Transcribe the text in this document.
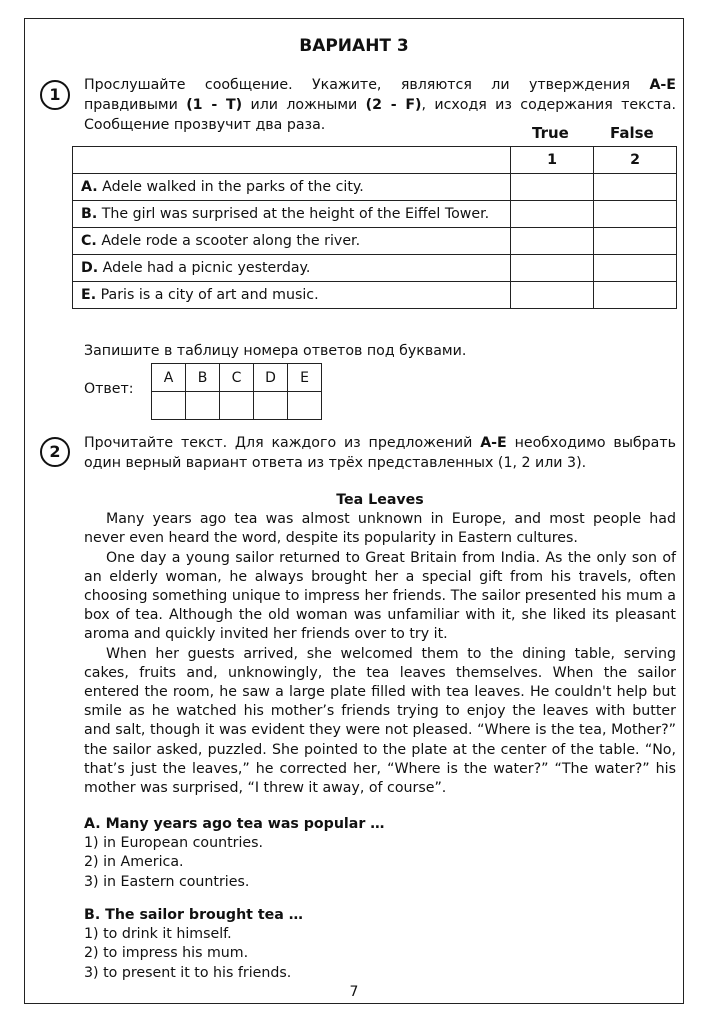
ВАРИАНТ 3
1	Прослушайте сообщение. Укажите, являются ли утверждения A-E правдивыми (1 - T) или ложными (2 - F), исходя из содержания текста. Сообщение прозвучит два раза.	True	False
	1	2
A. Adele walked in the parks of the city.		
B. The girl was surprised at the height of the Eiffel Tower.		
C. Adele rode a scooter along the river.		
D. Adele had a picnic yesterday.		
E. Paris is a city of art and music.		
Запишите в таблицу номера ответов под буквами.
Ответ:
A	B	C	D	E

2	Прочитайте текст. Для каждого из предложений A-E необходимо выбрать один верный вариант ответа из трёх представленных (1, 2 или 3).
Tea Leaves

Many years ago tea was almost unknown in Europe, and most people had never even heard the word, despite its popularity in Eastern cultures.

One day a young sailor returned to Great Britain from India. As the only son of an elderly woman, he always brought her a special gift from his travels, often choosing something unique to impress her friends. The sailor presented his mum a box of tea. Although the old woman was unfamiliar with it, she liked its pleasant aroma and quickly invited her friends over to try it.

When her guests arrived, she welcomed them to the dining table, serving cakes, fruits and, unknowingly, the tea leaves themselves. When the sailor entered the room, he saw a large plate filled with tea leaves. He couldn't help but smile as he watched his mother’s friends trying to enjoy the leaves with butter and salt, though it was evident they were not pleased. “Where is the tea, Mother?” the sailor asked, puzzled. She pointed to the plate at the center of the table. “No, that’s just the leaves,” he corrected her, “Where is the water?” “The water?” his mother was surprised, “I threw it away, of course”.

A. Many years ago tea was popular …
1) in European countries.
2) in America.
3) in Eastern countries.
B. The sailor brought tea …
1) to drink it himself.
2) to impress his mum.
3) to present it to his friends.
7
